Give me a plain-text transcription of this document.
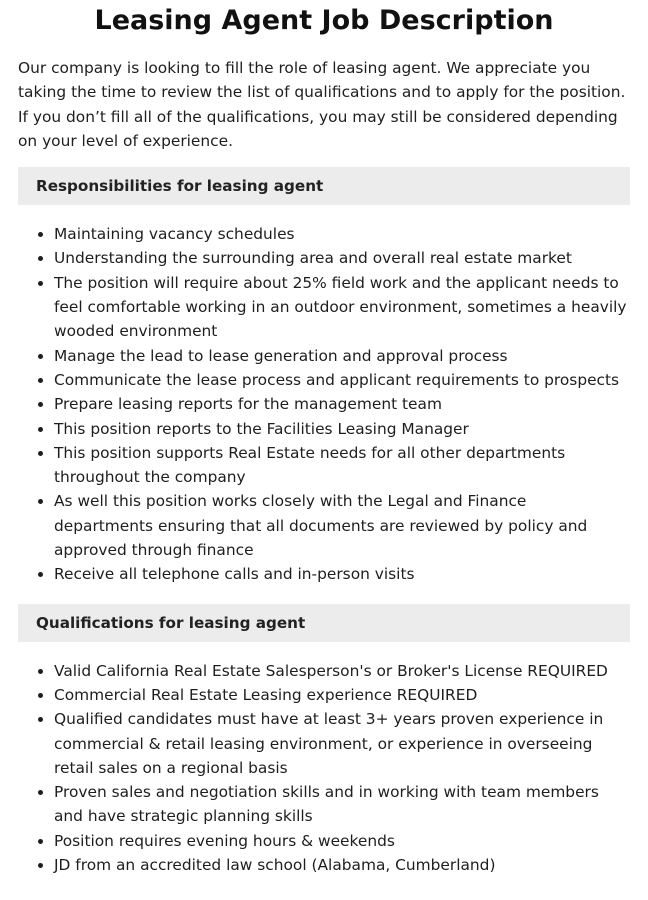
Leasing Agent Job Description

Our company is looking to fill the role of leasing agent. We appreciate you taking the time to review the list of qualifications and to apply for the position. If you don’t fill all of the qualifications, you may still be considered depending on your level of experience.

Responsibilities for leasing agent
Maintaining vacancy schedules
Understanding the surrounding area and overall real estate market
The position will require about 25% field work and the applicant needs to feel comfortable working in an outdoor environment, sometimes a heavily wooded environment
Manage the lead to lease generation and approval process
Communicate the lease process and applicant requirements to prospects
Prepare leasing reports for the management team
This position reports to the Facilities Leasing Manager
This position supports Real Estate needs for all other departments throughout the company
As well this position works closely with the Legal and Finance departments ensuring that all documents are reviewed by policy and approved through finance
Receive all telephone calls and in-person visits
Qualifications for leasing agent
Valid California Real Estate Salesperson's or Broker's License REQUIRED
Commercial Real Estate Leasing experience REQUIRED
Qualified candidates must have at least 3+ years proven experience in commercial & retail leasing environment, or experience in overseeing retail sales on a regional basis
Proven sales and negotiation skills and in working with team members and have strategic planning skills
Position requires evening hours & weekends
JD from an accredited law school (Alabama, Cumberland)
